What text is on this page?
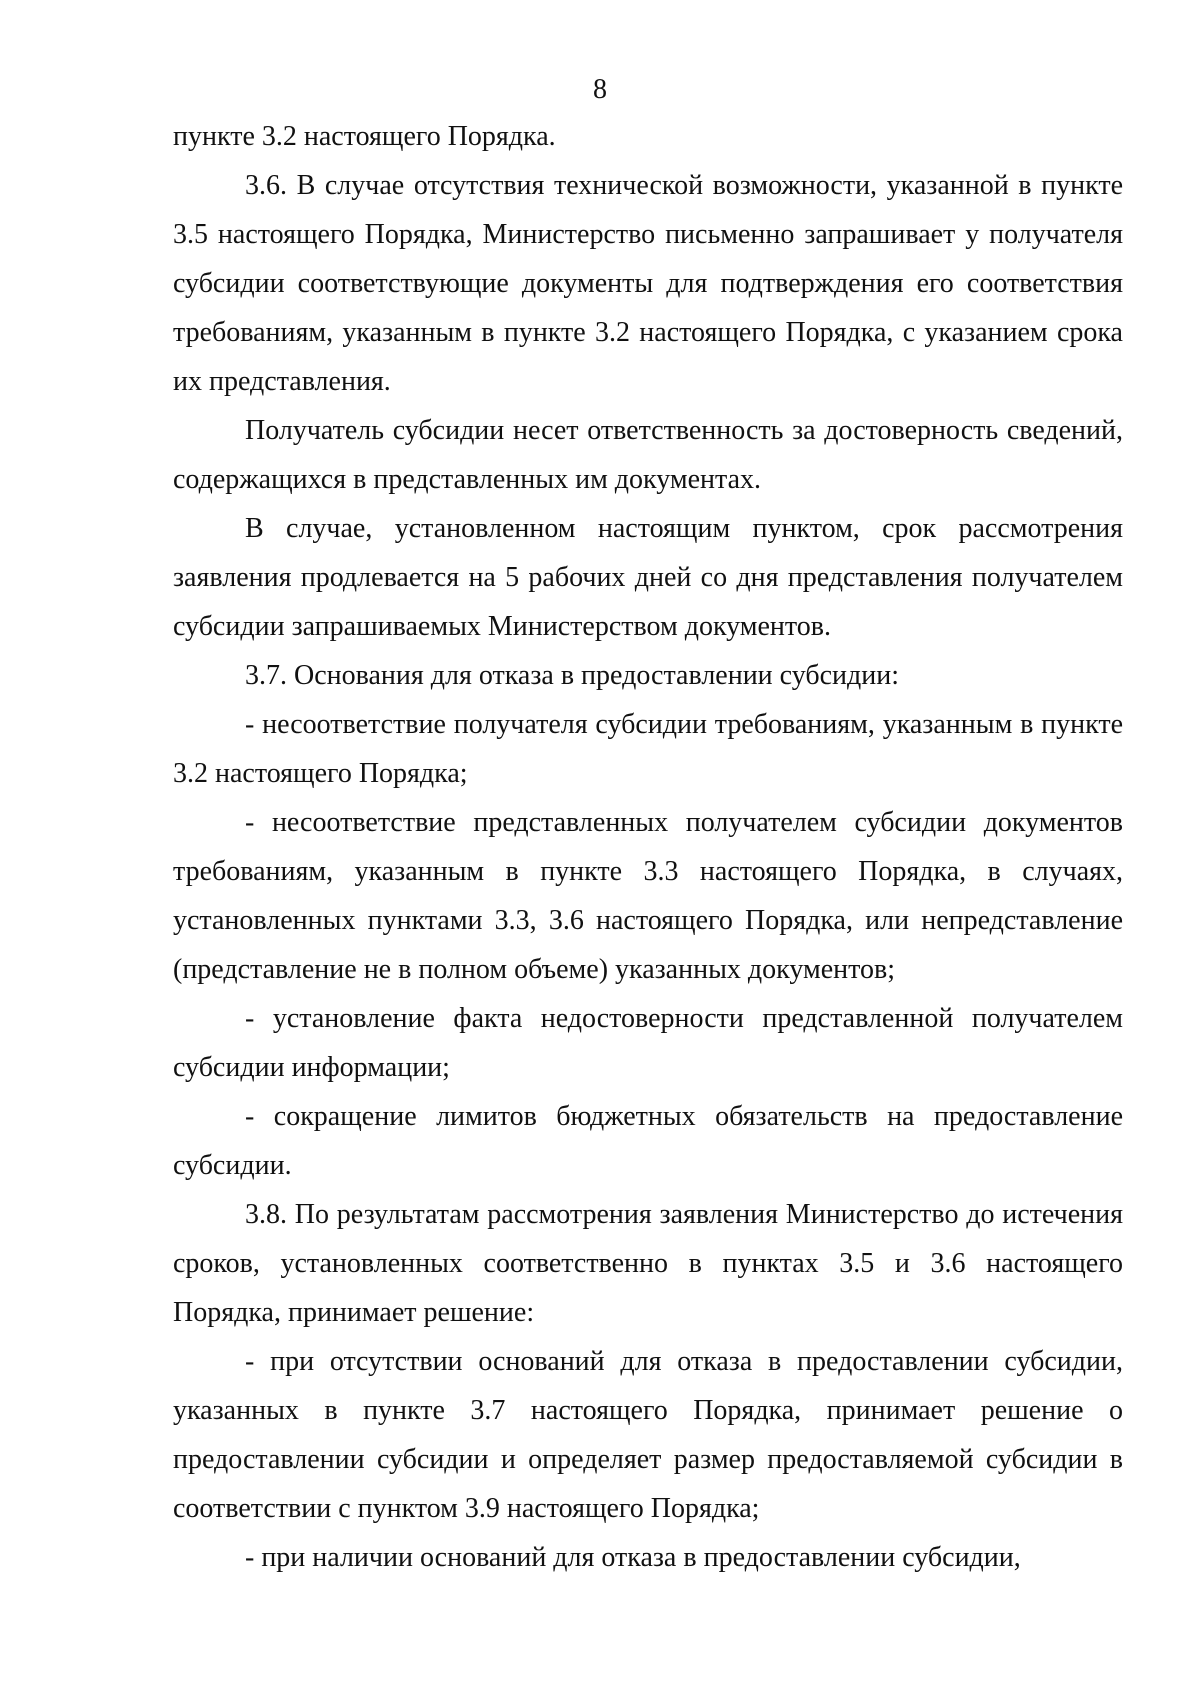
8

пункте 3.2 настоящего Порядка.

3.6. В случае отсутствия технической возможности, указанной в пункте 3.5 настоящего Порядка, Министерство письменно запрашивает у получателя субсидии соответствующие документы для подтверждения его соответствия требованиям, указанным в пункте 3.2 настоящего Порядка, с указанием срока их представления.

Получатель субсидии несет ответственность за достоверность сведений, содержащихся в представленных им документах.

В случае, установленном настоящим пунктом, срок рассмотрения заявления продлевается на 5 рабочих дней со дня представления получателем субсидии запрашиваемых Министерством документов.

3.7. Основания для отказа в предоставлении субсидии:

- несоответствие получателя субсидии требованиям, указанным в пункте 3.2 настоящего Порядка;

- несоответствие представленных получателем субсидии документов требованиям, указанным в пункте 3.3 настоящего Порядка, в случаях, установленных пунктами 3.3, 3.6 настоящего Порядка, или непредставление (представление не в полном объеме) указанных документов;

- установление факта недостоверности представленной получателем субсидии информации;

- сокращение лимитов бюджетных обязательств на предоставление субсидии.

3.8. По результатам рассмотрения заявления Министерство до истечения сроков, установленных соответственно в пунктах 3.5 и 3.6 настоящего Порядка, принимает решение:

- при отсутствии оснований для отказа в предоставлении субсидии, указанных в пункте 3.7 настоящего Порядка, принимает решение о предоставлении субсидии и определяет размер предоставляемой субсидии в соответствии с пунктом 3.9 настоящего Порядка;

- при наличии оснований для отказа в предоставлении субсидии,
